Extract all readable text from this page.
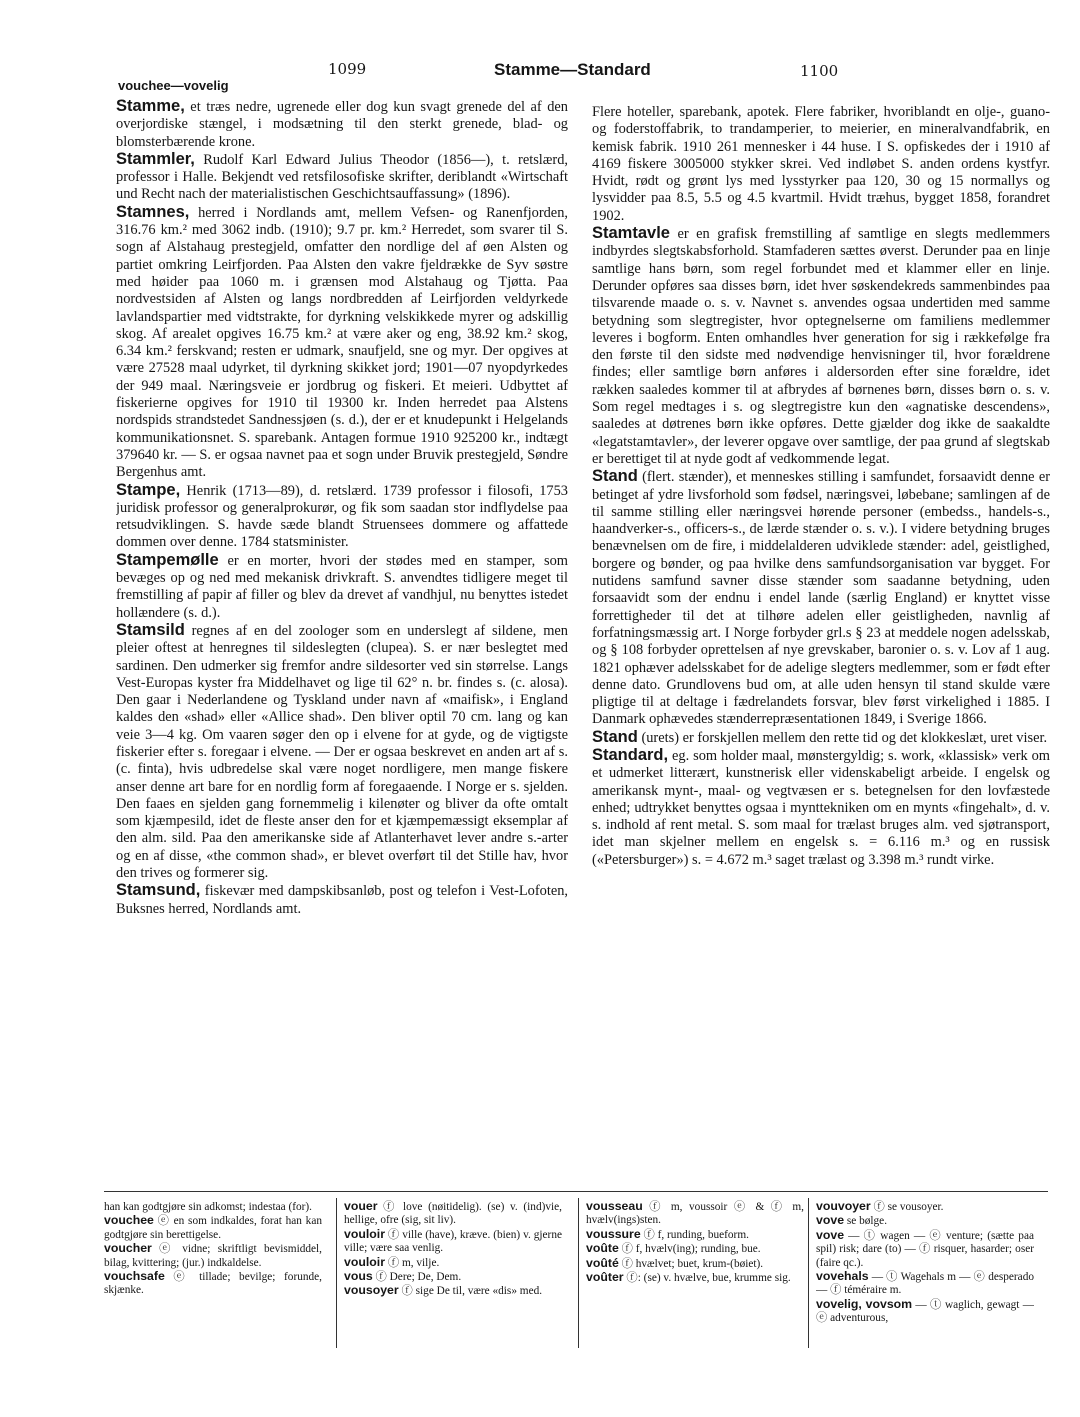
vouchee—vovelig
1099	Stamme—Standard	1100

Stamme, et træs nedre, ugrenede eller dog kun svagt grenede del af den overjordiske stængel, i modsætning til den sterkt grenede, blad- og blomsterbærende krone.

Stammler, Rudolf Karl Edward Julius Theodor (1856—), t. retslærd, professor i Halle. Bekjendt ved retsfilosofiske skrifter, deriblandt «Wirtschaft und Recht nach der materialistischen Geschichtsauffassung» (1896).

Stamnes, herred i Nordlands amt, mellem Vefsen- og Ranenfjorden, 316.76 km.² med 3062 indb. (1910); 9.7 pr. km.² Herredet, som svarer til S. sogn af Alstahaug prestegjeld, omfatter den nordlige del af øen Alsten og partiet omkring Leirfjorden. Paa Alsten den vakre fjeldrække de Syv søstre med høider paa 1060 m. i grænsen mod Alstahaug og Tjøtta. Paa nordvestsiden af Alsten og langs nordbredden af Leirfjorden veldyrkede lavlandspartier med vidtstrakte, for dyrkning velskikkede myrer og adskillig skog. Af arealet opgives 16.75 km.² at være aker og eng, 38.92 km.² skog, 6.34 km.² ferskvand; resten er udmark, snaufjeld, sne og myr. Der opgives at være 27528 maal udyrket, til dyrkning skikket jord; 1901—07 nyopdyrkedes der 949 maal. Næringsveie er jordbrug og fiskeri. Et meieri. Udbyttet af fiskerierne opgives for 1910 til 19300 kr. Inden herredet paa Alstens nordspids strandstedet Sandnessjøen (s. d.), der er et knudepunkt i Helgelands kommunikationsnet. S. sparebank. Antagen formue 1910 925200 kr., indtægt 379640 kr. — S. er ogsaa navnet paa et sogn under Bruvik prestegjeld, Søndre Bergenhus amt.

Stampe, Henrik (1713—89), d. retslærd. 1739 professor i filosofi, 1753 juridisk professor og generalprokurør, og fik som saadan stor indflydelse paa retsudviklingen. S. havde sæde blandt Struensees dommere og affattede dommen over denne. 1784 statsminister.

Stampemølle er en morter, hvori der stødes med en stamper, som bevæges op og ned med mekanisk drivkraft. S. anvendtes tidligere meget til fremstilling af papir af filler og blev da drevet af vandhjul, nu benyttes istedet hollændere (s. d.).

Stamsild regnes af en del zoologer som en underslegt af sildene, men pleier oftest at henregnes til sildeslegten (clupea). S. er nær beslegtet med sardinen. Den udmerker sig fremfor andre sildesorter ved sin størrelse. Langs Vest-Europas kyster fra Middelhavet og lige til 62° n. br. findes s. (c. alosa). Den gaar i Nederlandene og Tyskland under navn af «maifisk», i England kaldes den «shad» eller «Allice shad». Den bliver optil 70 cm. lang og kan veie 3—4 kg. Om vaaren søger den op i elvene for at gyde, og de vigtigste fiskerier efter s. foregaar i elvene. — Der er ogsaa beskrevet en anden art af s. (c. finta), hvis udbredelse skal være noget nordligere, men mange fiskere anser denne art bare for en nordlig form af foregaaende. I Norge er s. sjelden. Den faaes en sjelden gang fornemmelig i kilenøter og bliver da ofte omtalt som kjæmpesild, idet de fleste anser den for et kjæmpemæssigt eksemplar af den alm. sild. Paa den amerikanske side af Atlanterhavet lever andre s.-arter og en af disse, «the common shad», er blevet overført til det Stille hav, hvor den trives og formerer sig.

Stamsund, fiskevær med dampskibsanløb, post og telefon i Vest-Lofoten, Buksnes herred, Nordlands amt.

Flere hoteller, sparebank, apotek. Flere fabriker, hvoriblandt en olje-, guano- og foderstoffabrik, to trandamperier, to meierier, en mineralvandfabrik, en kemisk fabrik. 1910 261 mennesker i 44 huse. I S. opfiskedes der i 1910 af 4169 fiskere 3005000 stykker skrei. Ved indløbet S. anden ordens kystfyr. Hvidt, rødt og grønt lys med lysstyrker paa 120, 30 og 15 normallys og lysvidder paa 8.5, 5.5 og 4.5 kvartmil. Hvidt træhus, bygget 1858, forandret 1902.

Stamtavle er en grafisk fremstilling af samtlige en slegts medlemmers indbyrdes slegtskabsforhold. Stamfaderen sættes øverst. Derunder paa en linje samtlige hans børn, som regel forbundet med et klammer eller en linje. Derunder opføres saa disses børn, idet hver søskendekreds sammenbindes paa tilsvarende maade o. s. v. Navnet s. anvendes ogsaa undertiden med samme betydning som slegtregister, hvor optegnelserne om familiens medlemmer leveres i bogform. Enten omhandles hver generation for sig i rækkefølge fra den første til den sidste med nødvendige henvisninger til, hvor forældrene findes; eller samtlige børn anføres i aldersorden efter sine forældre, idet rækken saaledes kommer til at afbrydes af børnenes børn, disses børn o. s. v. Som regel medtages i s. og slegtregistre kun den «agnatiske descendens», saaledes at døtrenes børn ikke opføres. Dette gjælder dog ikke de saakaldte «legatstamtavler», der leverer opgave over samtlige, der paa grund af slegtskab er berettiget til at nyde godt af vedkommende legat.

Stand (flert. stænder), et menneskes stilling i samfundet, forsaavidt denne er betinget af ydre livsforhold som fødsel, næringsvei, løbebane; samlingen af de til samme stilling eller næringsvei hørende personer (embedss., handels-s., haandverker-s., officers-s., de lærde stænder o. s. v.). I videre betydning bruges benævnelsen om de fire, i middelalderen udviklede stænder: adel, geistlighed, borgere og bønder, og paa hvilke dens samfundsorganisation var bygget. For nutidens samfund savner disse stænder som saadanne betydning, uden forsaavidt som der endnu i endel lande (særlig England) er knyttet visse forrettigheder til det at tilhøre adelen eller geistligheden, navnlig af forfatningsmæssig art. I Norge forbyder grl.s § 23 at meddele nogen adelsskab, og § 108 forbyder oprettelsen af nye grevskaber, baronier o. s. v. Lov af 1 aug. 1821 ophæver adelsskabet for de adelige slegters medlemmer, som er født efter denne dato. Grundlovens bud om, at alle uden hensyn til stand skulde være pligtige til at deltage i fædrelandets forsvar, blev først virkelighed i 1885. I Danmark ophævedes stænderrepræsentationen 1849, i Sverige 1866.

Stand (urets) er forskjellen mellem den rette tid og det klokkeslæt, uret viser.

Standard, eg. som holder maal, mønstergyldig; s. work, «klassisk» verk om et udmerket litterært, kunstnerisk eller videnskabeligt arbeide. I engelsk og amerikansk mynt-, maal- og vegtvæsen er s. betegnelsen for den lovfæstede enhed; udtrykket benyttes ogsaa i mynttekniken om en mynts «fingehalt», d. v. s. indhold af rent metal. S. som maal for trælast bruges alm. ved sjøtransport, idet man skjelner mellem en engelsk s. = 6.116 m.³ og en russisk («Petersburger») s. = 4.672 m.³ saget trælast og 3.398 m.³ rundt virke.

han kan godtgjøre sin adkomst; indestaa (for).

vouchee ⓔ en som indkaldes, forat han kan godtgjøre sin berettigelse.

voucher ⓔ vidne; skriftligt bevismiddel, bilag, kvittering; (jur.) indkaldelse.

vouchsafe ⓔ tillade; bevilge; forunde, skjænke.

vouer ⓕ love (nøitidelig). (se) v. (ind)vie, hellige, ofre (sig, sit liv).

vouloir ⓕ ville (have), kræve. (bien) v. gjerne ville; være saa venlig.

vouloir ⓕ m, vilje.

vous ⓕ Dere; De, Dem.

vousoyer ⓕ sige De til, være «dis» med.

vousseau ⓕ m, voussoir ⓔ & ⓕ m, hvælv(ings)sten.

voussure ⓕ f, runding, bueform.

voûte ⓕ f, hvælv(ing); runding, bue.

voûté ⓕ hvælvet; buet, krum-(bøiet).

voûter ⓕ: (se) v. hvælve, bue, krumme sig.

vouvoyer ⓕ se vousoyer.

vove se bølge.

vove — ⓣ wagen — ⓔ venture; (sætte paa spil) risk; dare (to) — ⓕ risquer, hasarder; oser (faire qc.).

vovehals — ⓣ Wagehals m — ⓔ desperado — ⓕ téméraire m.

vovelig, vovsom — ⓣ waglich, gewagt — ⓔ adventurous,
